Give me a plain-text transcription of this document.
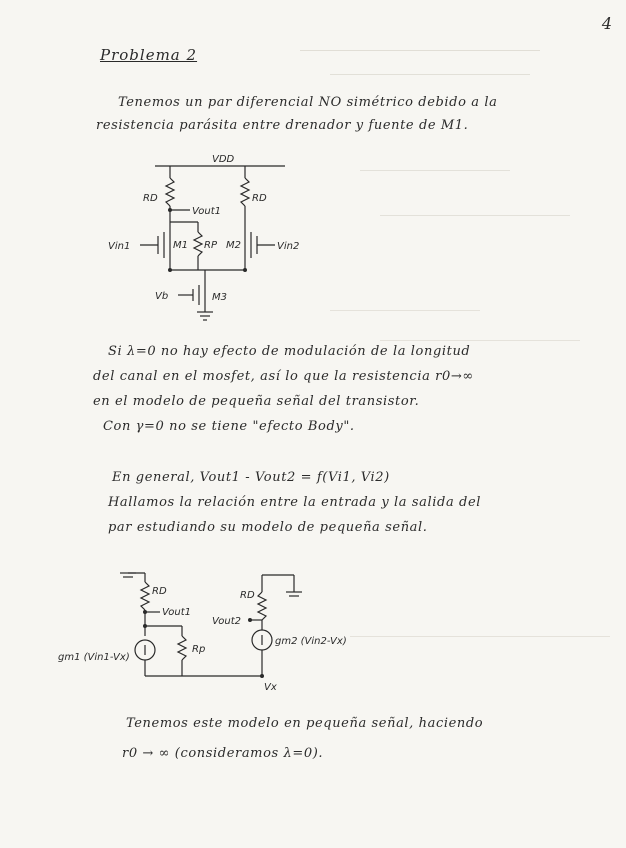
4
Problema 2
Tenemos un par diferencial NO simétrico debido a la
resistencia parásita entre drenador y fuente de M1.
VDD
RD	RD
Vout1
M1 RP M2
Vin1	Vin2
Vb	M3
Si λ=0 no hay efecto de modulación de la longitud
del canal en el mosfet, así lo que la resistencia r0→∞
en el modelo de pequeña señal del transistor.
Con γ=0 no se tiene "efecto Body".
En general, Vout1 - Vout2 = f(Vi1, Vi2)
Hallamos la relación entre la entrada y la salida del
par estudiando su modelo de pequeña señal.
RD
Vout1
RD
Vout2
gm1 (Vin1-Vx)
Rp
gm2 (Vin2-Vx)
Vx
Tenemos este modelo en pequeña señal, haciendo
r0 → ∞ (consideramos λ=0).
